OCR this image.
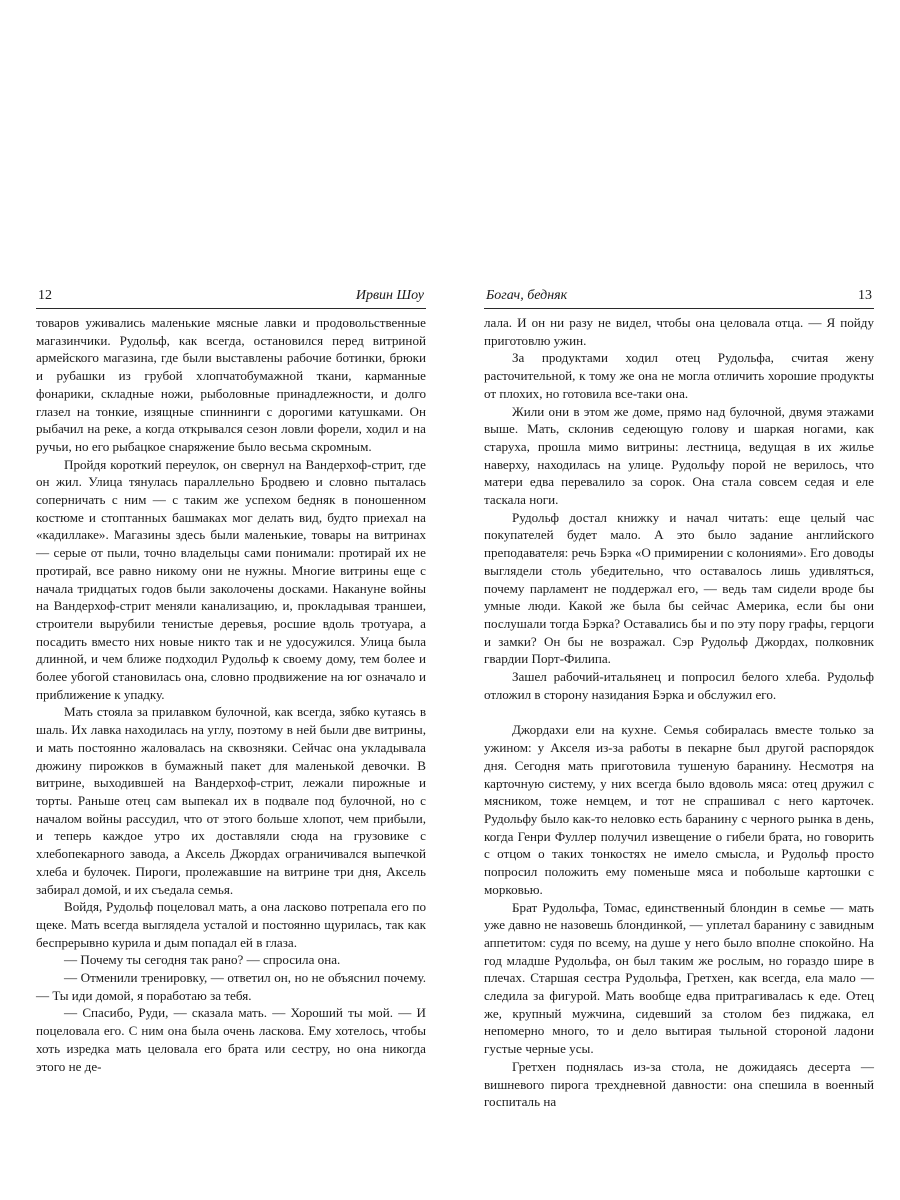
12	Ирвин Шоу

товаров уживались маленькие мясные лавки и продовольственные магазинчики. Рудольф, как всегда, остановился перед витриной армейского магазина, где были выставлены рабочие ботинки, брюки и рубашки из грубой хлопчатобумажной ткани, карманные фонарики, складные ножи, рыболовные принадлежности, и долго глазел на тонкие, изящные спиннинги с дорогими катушками. Он рыбачил на реке, а когда открывался сезон ловли форели, ходил и на ручьи, но его рыбацкое снаряжение было весьма скромным.

Пройдя короткий переулок, он свернул на Вандерхоф-стрит, где он жил. Улица тянулась параллельно Бродвею и словно пыталась соперничать с ним — с таким же успехом бедняк в поношенном костюме и стоптанных башмаках мог делать вид, будто приехал на «кадиллаке». Магазины здесь были маленькие, товары на витринах — серые от пыли, точно владельцы сами понимали: протирай их не протирай, все равно никому они не нужны. Многие витрины еще с начала тридцатых годов были заколочены досками. Накануне войны на Вандерхоф-стрит меняли канализацию, и, прокладывая траншеи, строители вырубили тенистые деревья, росшие вдоль тротуара, а посадить вместо них новые никто так и не удосужился. Улица была длинной, и чем ближе подходил Рудольф к своему дому, тем более и более убогой становилась она, словно продвижение на юг означало и приближение к упадку.

Мать стояла за прилавком булочной, как всегда, зябко кутаясь в шаль. Их лавка находилась на углу, поэтому в ней были две витрины, и мать постоянно жаловалась на сквозняки. Сейчас она укладывала дюжину пирожков в бумажный пакет для маленькой девочки. В витрине, выходившей на Вандерхоф-стрит, лежали пирожные и торты. Раньше отец сам выпекал их в подвале под булочной, но с началом войны рассудил, что от этого больше хлопот, чем прибыли, и теперь каждое утро их доставляли сюда на грузовике с хлебопекарного завода, а Аксель Джордах ограничивался выпечкой хлеба и булочек. Пироги, пролежавшие на витрине три дня, Аксель забирал домой, и их съедала семья.

Войдя, Рудольф поцеловал мать, а она ласково потрепала его по щеке. Мать всегда выглядела усталой и постоянно щурилась, так как беспрерывно курила и дым попадал ей в глаза.

— Почему ты сегодня так рано? — спросила она.

— Отменили тренировку, — ответил он, но не объяснил почему. — Ты иди домой, я поработаю за тебя.

— Спасибо, Руди, — сказала мать. — Хороший ты мой. — И поцеловала его. С ним она была очень ласкова. Ему хотелось, чтобы хоть изредка мать целовала его брата или сестру, но она никогда этого не де-

Богач, бедняк	13

лала. И он ни разу не видел, чтобы она целовала отца. — Я пойду приготовлю ужин.

За продуктами ходил отец Рудольфа, считая жену расточительной, к тому же она не могла отличить хорошие продукты от плохих, но готовила все-таки она.

Жили они в этом же доме, прямо над булочной, двумя этажами выше. Мать, склонив седеющую голову и шаркая ногами, как старуха, прошла мимо витрины: лестница, ведущая в их жилье наверху, находилась на улице. Рудольфу порой не верилось, что матери едва перевалило за сорок. Она стала совсем седая и еле таскала ноги.

Рудольф достал книжку и начал читать: еще целый час покупателей будет мало. А это было задание английского преподавателя: речь Бэрка «О примирении с колониями». Его доводы выглядели столь убедительно, что оставалось лишь удивляться, почему парламент не поддержал его, — ведь там сидели вроде бы умные люди. Какой же была бы сейчас Америка, если бы они послушали тогда Бэрка? Оставались бы и по эту пору графы, герцоги и замки? Он бы не возражал. Сэр Рудольф Джордах, полковник гвардии Порт-Филипа.

Зашел рабочий-итальянец и попросил белого хлеба. Рудольф отложил в сторону назидания Бэрка и обслужил его.

Джордахи ели на кухне. Семья собиралась вместе только за ужином: у Акселя из-за работы в пекарне был другой распорядок дня. Сегодня мать приготовила тушеную баранину. Несмотря на карточную систему, у них всегда было вдоволь мяса: отец дружил с мясником, тоже немцем, и тот не спрашивал с него карточек. Рудольфу было как-то неловко есть баранину с черного рынка в день, когда Генри Фуллер получил извещение о гибели брата, но говорить с отцом о таких тонкостях не имело смысла, и Рудольф просто попросил положить ему поменьше мяса и побольше картошки с морковью.

Брат Рудольфа, Томас, единственный блондин в семье — мать уже давно не назовешь блондинкой, — уплетал баранину с завидным аппетитом: судя по всему, на душе у него было вполне спокойно. На год младше Рудольфа, он был таким же рослым, но гораздо шире в плечах. Старшая сестра Рудольфа, Гретхен, как всегда, ела мало — следила за фигурой. Мать вообще едва притрагивалась к еде. Отец же, крупный мужчина, сидевший за столом без пиджака, ел непомерно много, то и дело вытирая тыльной стороной ладони густые черные усы.

Гретхен поднялась из-за стола, не дожидаясь десерта — вишневого пирога трехдневной давности: она спешила в военный госпиталь на
